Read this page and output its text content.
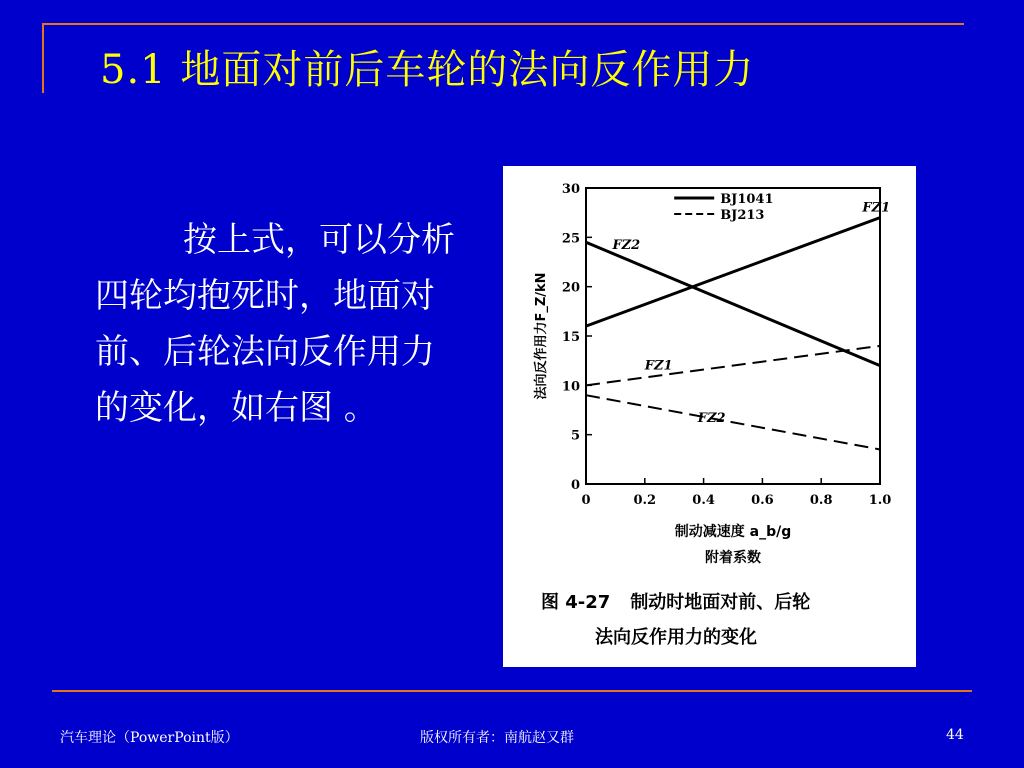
5.1 地面对前后车轮的法向反作用力
按上式，可以分析四轮均抱死时，地面对前、后轮法向反作用力的变化，如右图 。
0
5
10
15
20
25
30
0	0.2	0.4	0.6	0.8	1.0
法向反作用力F_Z/kN
制动减速度 a_b/g
附着系数
FZ1
FZ2
FZ1
FZ2
BJ1041
BJ213
图 4-27 制动时地面对前、后轮
法向反作用力的变化
汽车理论（PowerPoint版）	版权所有者：南航赵又群	44
